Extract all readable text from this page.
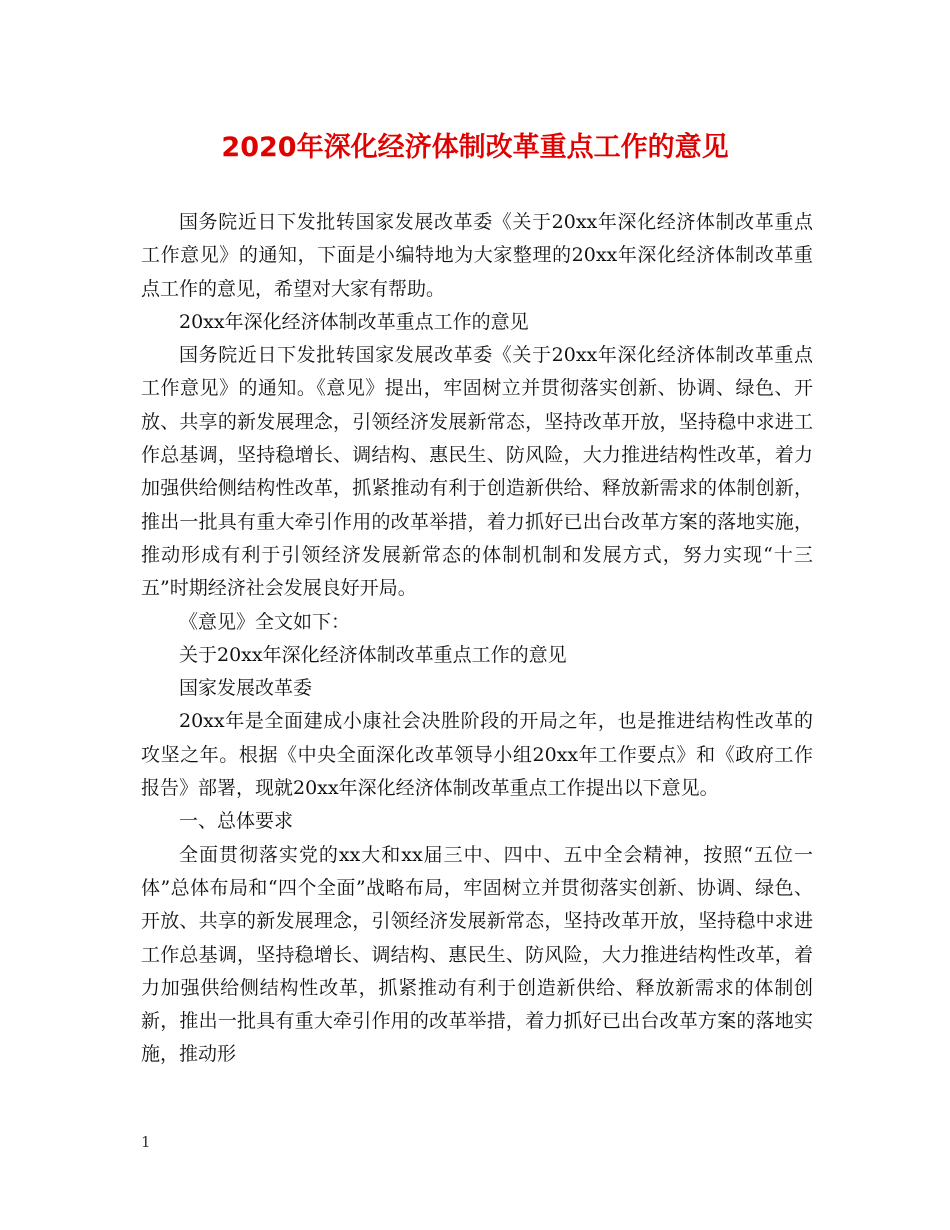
2020年深化经济体制改革重点工作的意见

国务院近日下发批转国家发展改革委《关于20xx年深化经济体制改革重点工作意见》的通知，下面是小编特地为大家整理的20xx年深化经济体制改革重点工作的意见，希望对大家有帮助。

20xx年深化经济体制改革重点工作的意见

国务院近日下发批转国家发展改革委《关于20xx年深化经济体制改革重点工作意见》的通知。《意见》提出，牢固树立并贯彻落实创新、协调、绿色、开放、共享的新发展理念，引领经济发展新常态，坚持改革开放，坚持稳中求进工作总基调，坚持稳增长、调结构、惠民生、防风险，大力推进结构性改革，着力加强供给侧结构性改革，抓紧推动有利于创造新供给、释放新需求的体制创新，推出一批具有重大牵引作用的改革举措，着力抓好已出台改革方案的落地实施，推动形成有利于引领经济发展新常态的体制机制和发展方式，努力实现“十三五”时期经济社会发展良好开局。

《意见》全文如下：

关于20xx年深化经济体制改革重点工作的意见

国家发展改革委

20xx年是全面建成小康社会决胜阶段的开局之年，也是推进结构性改革的攻坚之年。根据《中央全面深化改革领导小组20xx年工作要点》和《政府工作报告》部署，现就20xx年深化经济体制改革重点工作提出以下意见。

一、总体要求

全面贯彻落实党的xx大和xx届三中、四中、五中全会精神，按照“五位一体”总体布局和“四个全面”战略布局，牢固树立并贯彻落实创新、协调、绿色、开放、共享的新发展理念，引领经济发展新常态，坚持改革开放，坚持稳中求进工作总基调，坚持稳增长、调结构、惠民生、防风险，大力推进结构性改革，着力加强供给侧结构性改革，抓紧推动有利于创造新供给、释放新需求的体制创新，推出一批具有重大牵引作用的改革举措，着力抓好已出台改革方案的落地实施，推动形

1
